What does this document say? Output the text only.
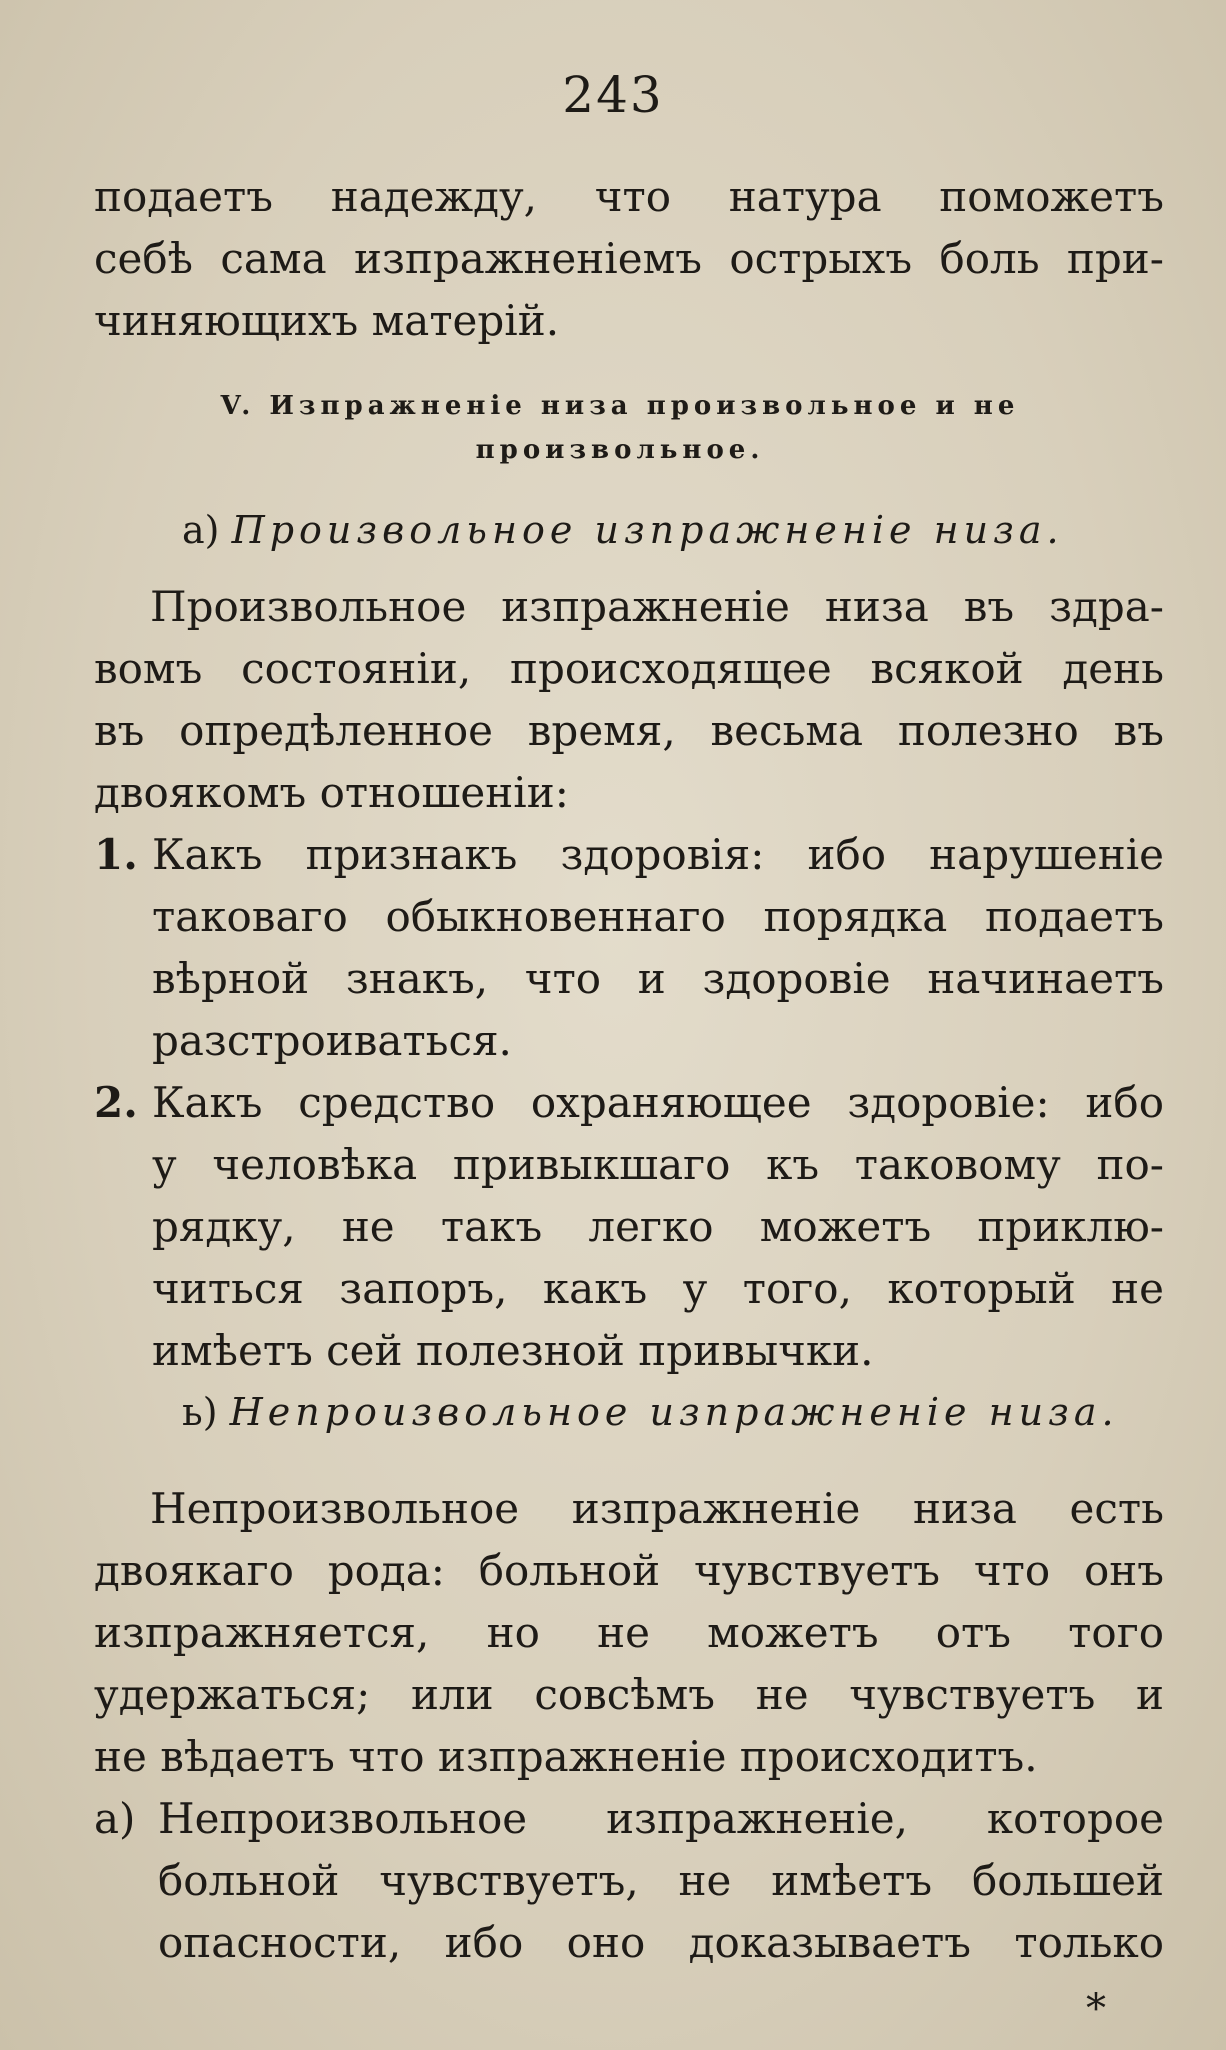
243
подаетъ надежду, что натура поможетъ
себѣ сама изпражненіемъ острыхъ боль при-
чиняющихъ матерій.
V. Изпражненіе низа произвольное и не
произвольное.
а) Произвольное изпражненіе низа.
Произвольное изпражненіе низа въ здра-
вомъ состояніи, происходящее всякой день
въ опредѣленное время, весьма полезно въ
двоякомъ отношеніи:
1. Какъ признакъ здоровія: ибо нарушеніе
таковаго обыкновеннаго порядка подаетъ
вѣрной знакъ, что и здоровіе начинаетъ
разстроиваться.
2. Какъ средство охраняющее здоровіе: ибо
у человѣка привыкшаго къ таковому по-
рядку, не такъ легко можетъ приклю-
читься запоръ, какъ у того, который не
имѣетъ сей полезной привычки.
ь) Непроизвольное изпражненіе низа.
Непроизвольное изпражненіе низа есть
двоякаго рода: больной чувствуетъ что онъ
изпражняется, но не можетъ отъ того
удержаться; или совсѣмъ не чувствуетъ и
не вѣдаетъ что изпражненіе происходитъ.
а) Непроизвольное изпражненіе, которое
больной чувствуетъ, не имѣетъ большей
опасности, ибо оно доказываетъ только
*
